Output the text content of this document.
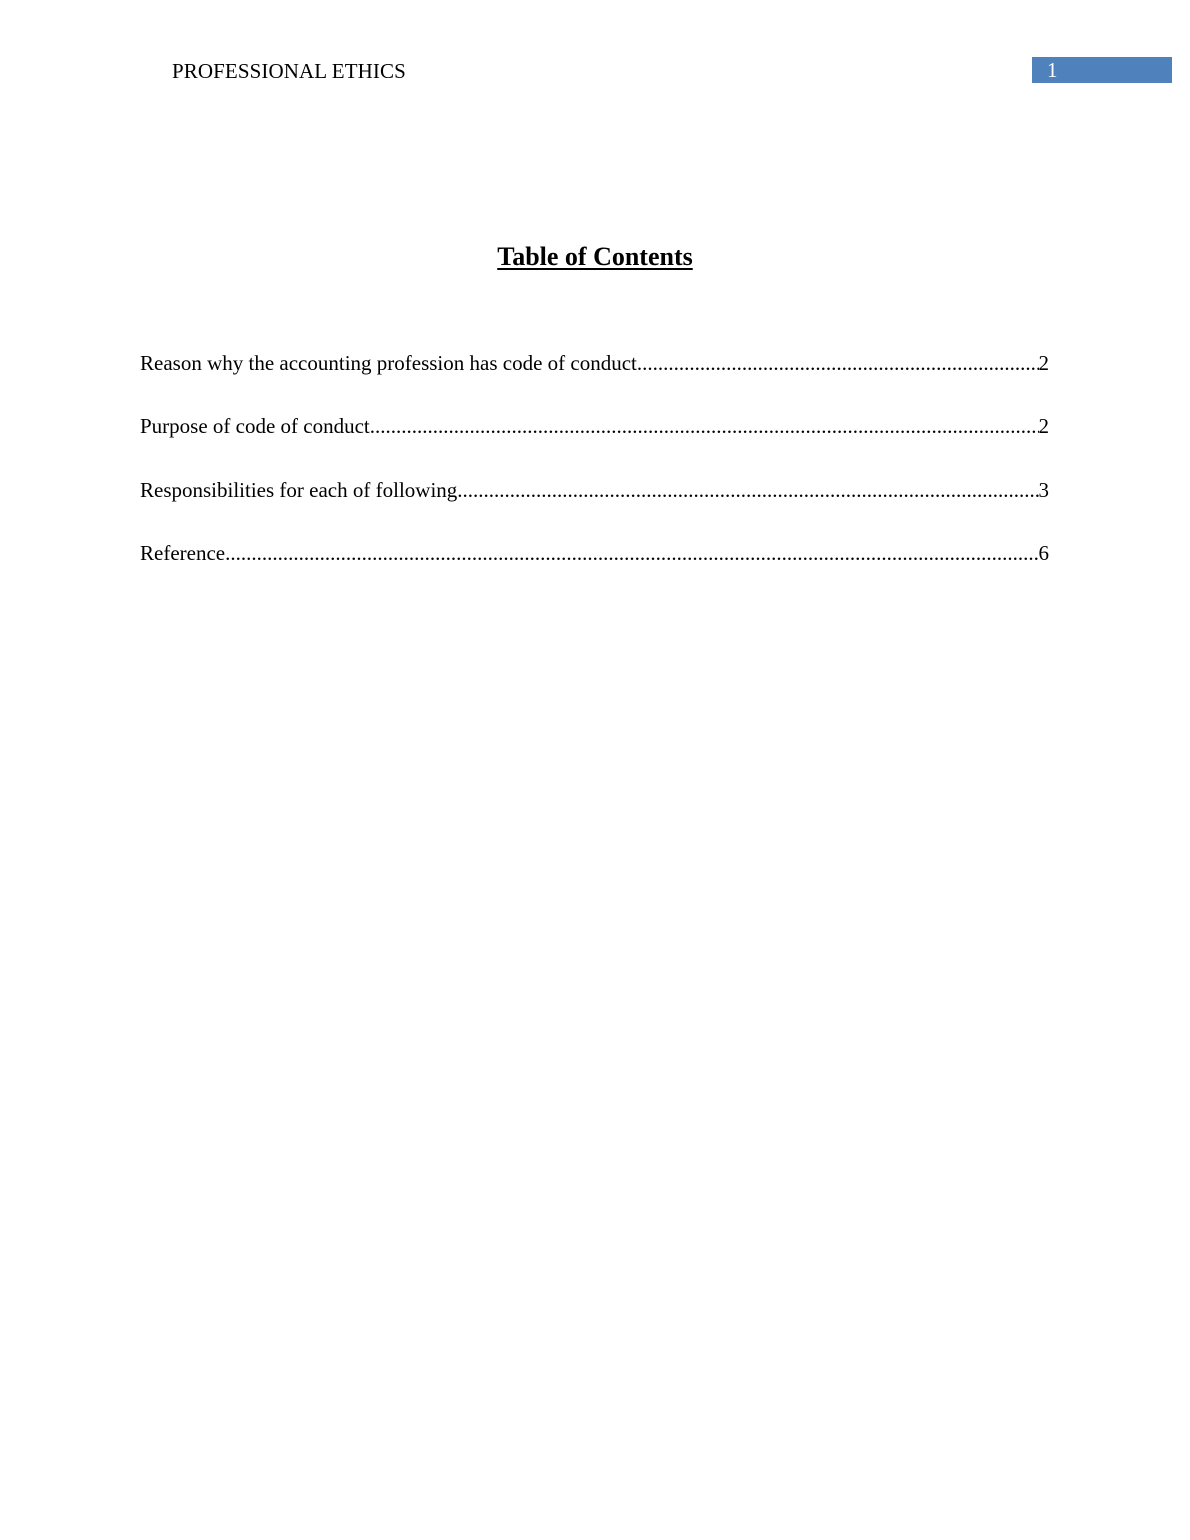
PROFESSIONAL ETHICS	1
Table of Contents
Reason why the accounting profession has code of conduct .....	2
Purpose of code of conduct .....	2
Responsibilities for each of following .....	3
Reference .....	6
